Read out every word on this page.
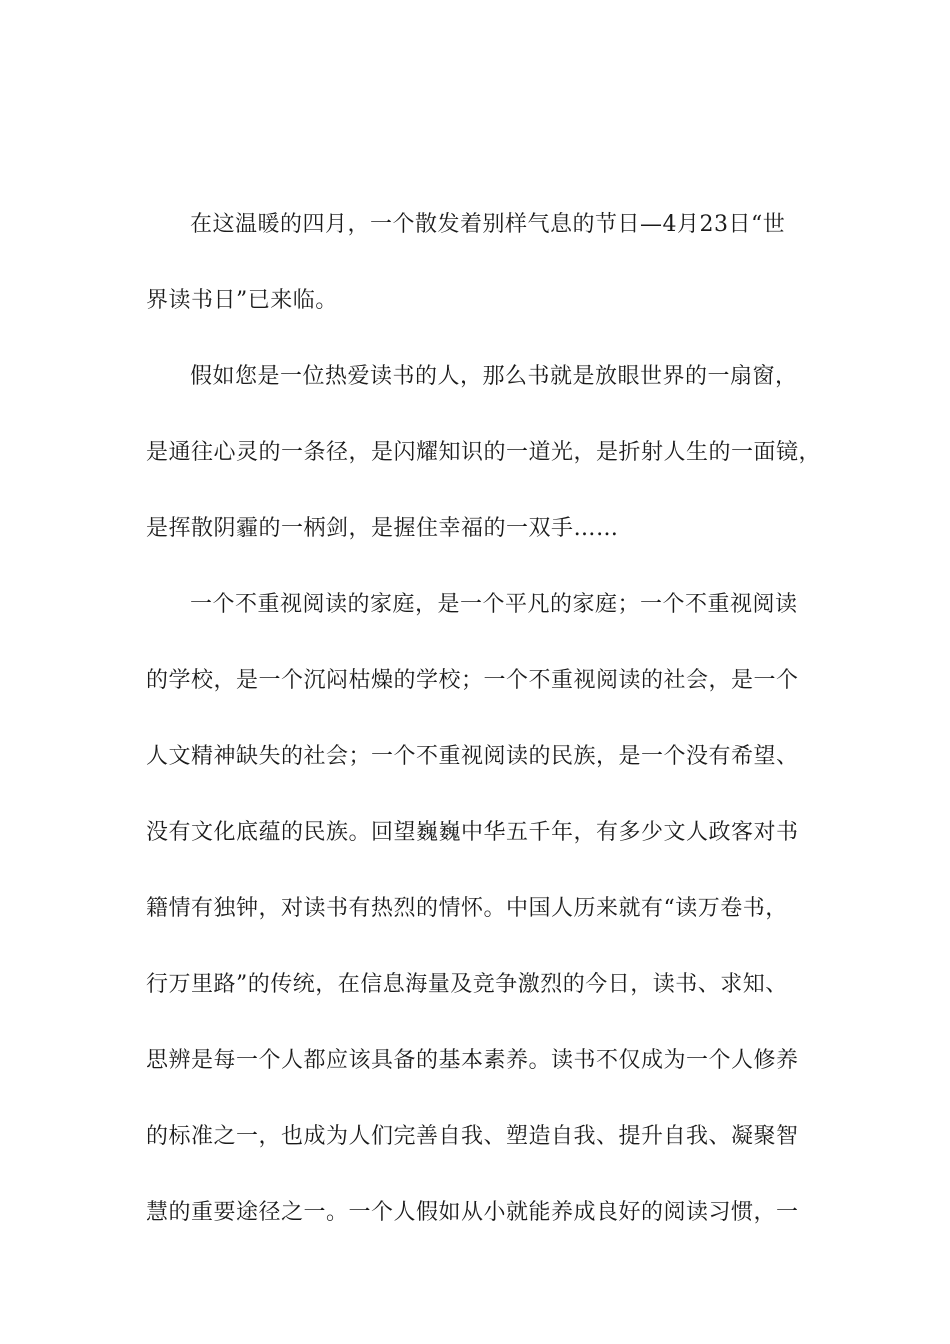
在这温暖的四月，一个散发着别样气息的节日—4月23日“世
界读书日”已来临。
假如您是一位热爱读书的人，那么书就是放眼世界的一扇窗，
是通往心灵的一条径，是闪耀知识的一道光，是折射人生的一面镜，
是挥散阴霾的一柄剑，是握住幸福的一双手……
一个不重视阅读的家庭，是一个平凡的家庭；一个不重视阅读
的学校，是一个沉闷枯燥的学校；一个不重视阅读的社会，是一个
人文精神缺失的社会；一个不重视阅读的民族，是一个没有希望、
没有文化底蕴的民族。回望巍巍中华五千年，有多少文人政客对书
籍情有独钟，对读书有热烈的情怀。中国人历来就有“读万卷书，
行万里路”的传统，在信息海量及竞争激烈的今日，读书、求知、
思辨是每一个人都应该具备的基本素养。读书不仅成为一个人修养
的标准之一，也成为人们完善自我、塑造自我、提升自我、凝聚智
慧的重要途径之一。一个人假如从小就能养成良好的阅读习惯，一
